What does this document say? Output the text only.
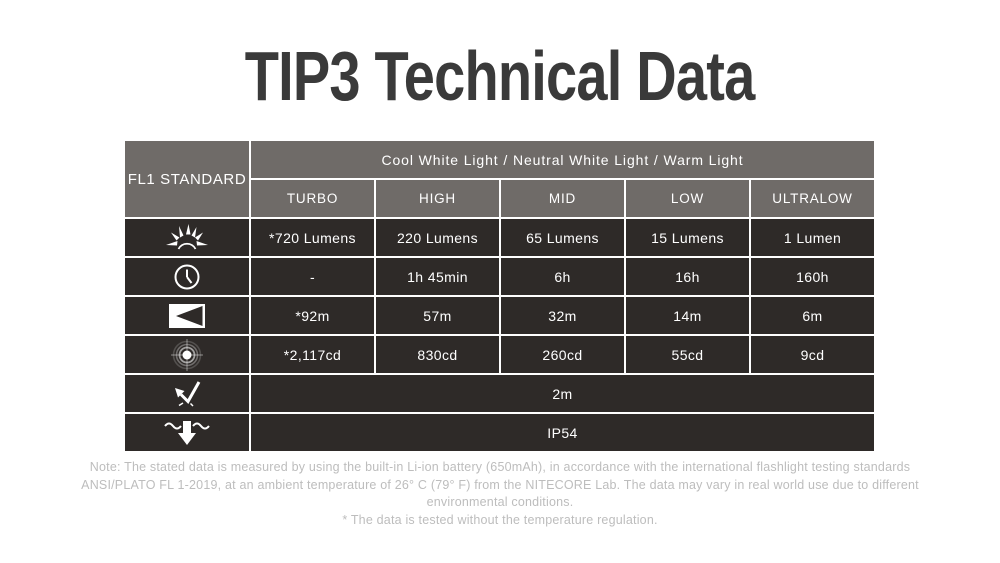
TIP3 Technical Data
FL1 STANDARD
Cool White Light / Neutral White Light / Warm Light
TURBO	HIGH	MID	LOW	ULTRALOW
*720 Lumens	220 Lumens	65 Lumens	15 Lumens	1 Lumen
-	1h 45min	6h	16h	160h
*92m	57m	32m	14m	6m
*2,117cd	830cd	260cd	55cd	9cd
2m
IP54
Note: The stated data is measured by using the built-in Li-ion battery (650mAh), in accordance with the international flashlight testing standards
ANSI/PLATO FL 1-2019, at an ambient temperature of 26° C (79° F) from the NITECORE Lab. The data may vary in real world use due to different
environmental conditions.
* The data is tested without the temperature regulation.
